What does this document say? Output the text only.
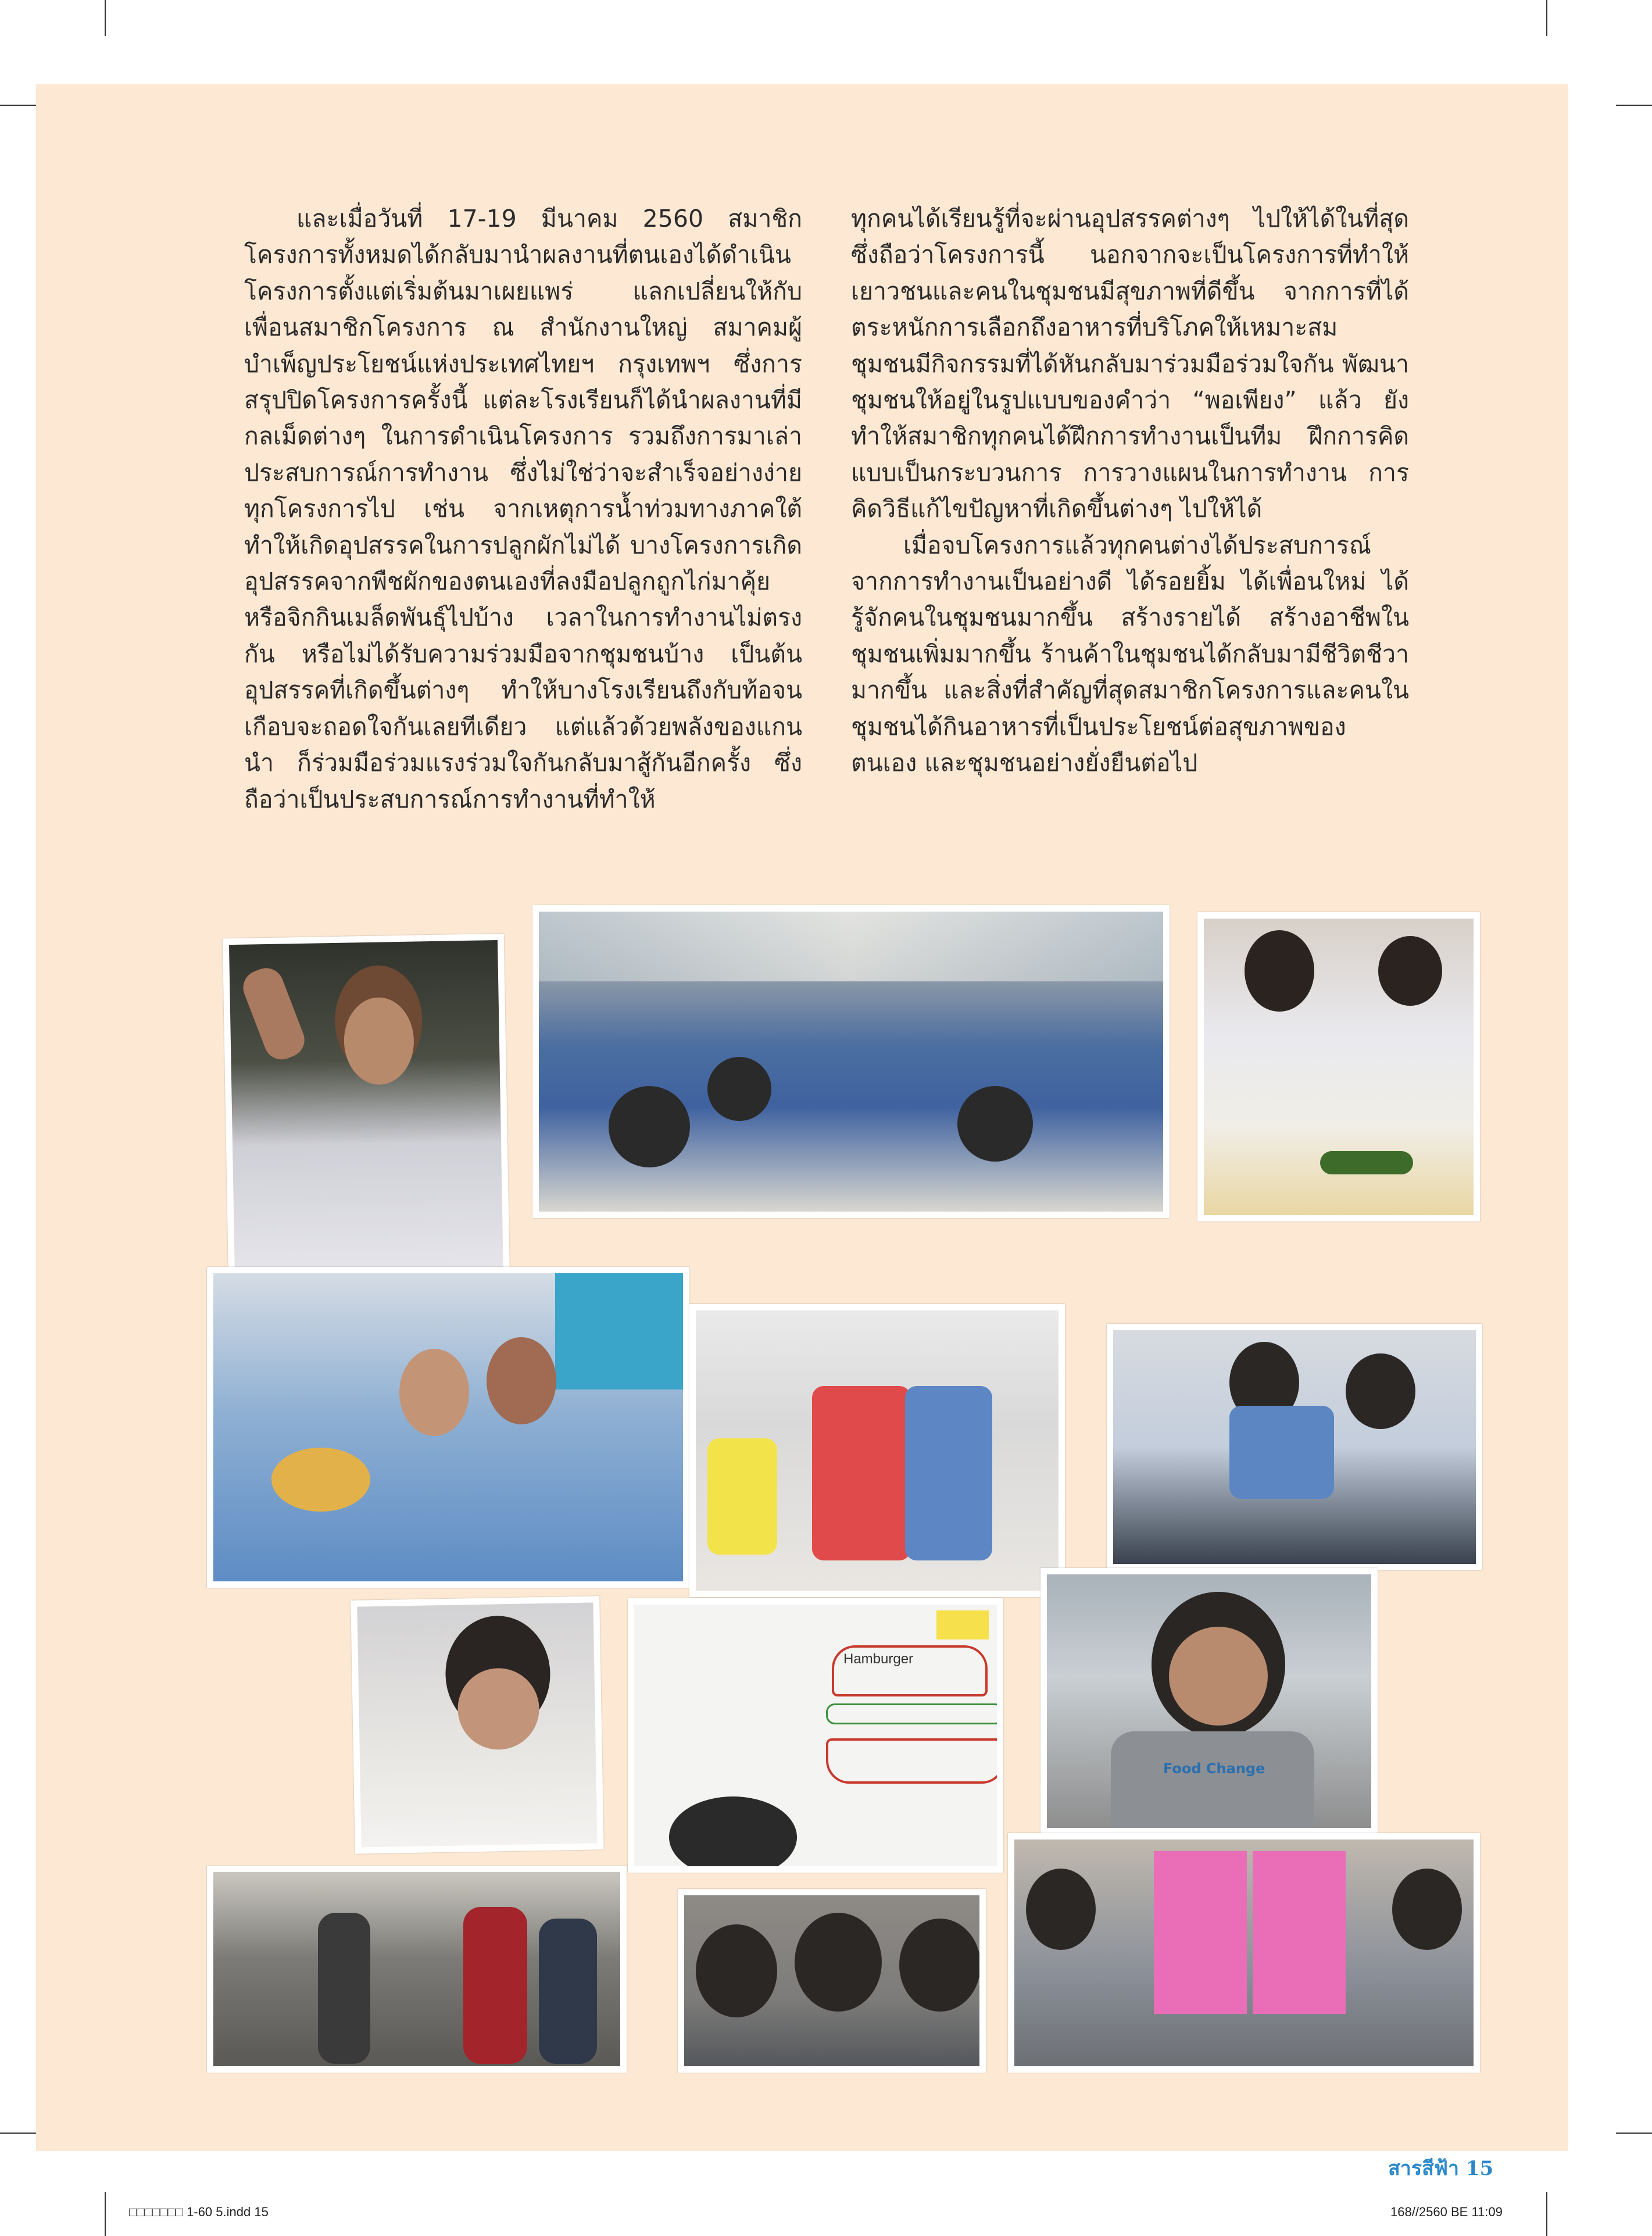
และเมื่อวันที่ 17-19 มีนาคม 2560 สมาชิกโครงการทั้งหมดได้กลับมานำผลงานที่ตนเองได้ดำเนินโครงการตั้งแต่เริ่มต้นมาเผยแพร่ แลกเปลี่ยนให้กับเพื่อนสมาชิกโครงการ ณ สำนักงานใหญ่ สมาคมผู้บำเพ็ญประโยชน์แห่งประเทศไทยฯ กรุงเทพฯ ซึ่งการสรุปปิดโครงการครั้งนี้ แต่ละโรงเรียนก็ได้นำผลงานที่มีกลเม็ดต่างๆ ในการดำเนินโครงการ รวมถึงการมาเล่าประสบการณ์การทำงาน ซึ่งไม่ใช่ว่าจะสำเร็จอย่างง่ายทุกโครงการไป เช่น จากเหตุการน้ำท่วมทางภาคใต้ทำให้เกิดอุปสรรคในการปลูกผักไม่ได้ บางโครงการเกิดอุปสรรคจากพืชผักของตนเองที่ลงมือปลูกถูกไก่มาคุ้ยหรือจิกกินเมล็ดพันธุ์ไปบ้าง เวลาในการทำงานไม่ตรงกัน หรือไม่ได้รับความร่วมมือจากชุมชนบ้าง เป็นต้น อุปสรรคที่เกิดขึ้นต่างๆ ทำให้บางโรงเรียนถึงกับท้อจนเกือบจะถอดใจกันเลยทีเดียว แต่แล้วด้วยพลังของแกนนำ ก็ร่วมมือร่วมแรงร่วมใจกันกลับมาสู้กันอีกครั้ง ซึ่งถือว่าเป็นประสบการณ์การทำงานที่ทำให้

ทุกคนได้เรียนรู้ที่จะผ่านอุปสรรคต่างๆ ไปให้ได้ในที่สุด ซึ่งถือว่าโครงการนี้ นอกจากจะเป็นโครงการที่ทำให้เยาวชนและคนในชุมชนมีสุขภาพที่ดีขึ้น จากการที่ได้ตระหนักการเลือกถึงอาหารที่บริโภคให้เหมาะสม ชุมชนมีกิจกรรมที่ได้หันกลับมาร่วมมือร่วมใจกัน พัฒนาชุมชนให้อยู่ในรูปแบบของคำว่า “พอเพียง” แล้ว ยังทำให้สมาชิกทุกคนได้ฝึกการทำงานเป็นทีม ฝึกการคิดแบบเป็นกระบวนการ การวางแผนในการทำงาน การคิดวิธีแก้ไขปัญหาที่เกิดขึ้นต่างๆ ไปให้ได้

เมื่อจบโครงการแล้วทุกคนต่างได้ประสบการณ์จากการทำงานเป็นอย่างดี ได้รอยยิ้ม ได้เพื่อนใหม่ ได้รู้จักคนในชุมชนมากขึ้น สร้างรายได้ สร้างอาชีพในชุมชนเพิ่มมากขึ้น ร้านค้าในชุมชนได้กลับมามีชีวิตชีวามากขึ้น และสิ่งที่สำคัญที่สุดสมาชิกโครงการและคนในชุมชนได้กินอาหารที่เป็นประโยชน์ต่อสุขภาพของตนเอง และชุมชนอย่างยั่งยืนต่อไป

Hamburger
Food Change
สารสีฟ้า 15
□□□□□□□ 1-60 5.indd 15	168//2560 BE 11:09
